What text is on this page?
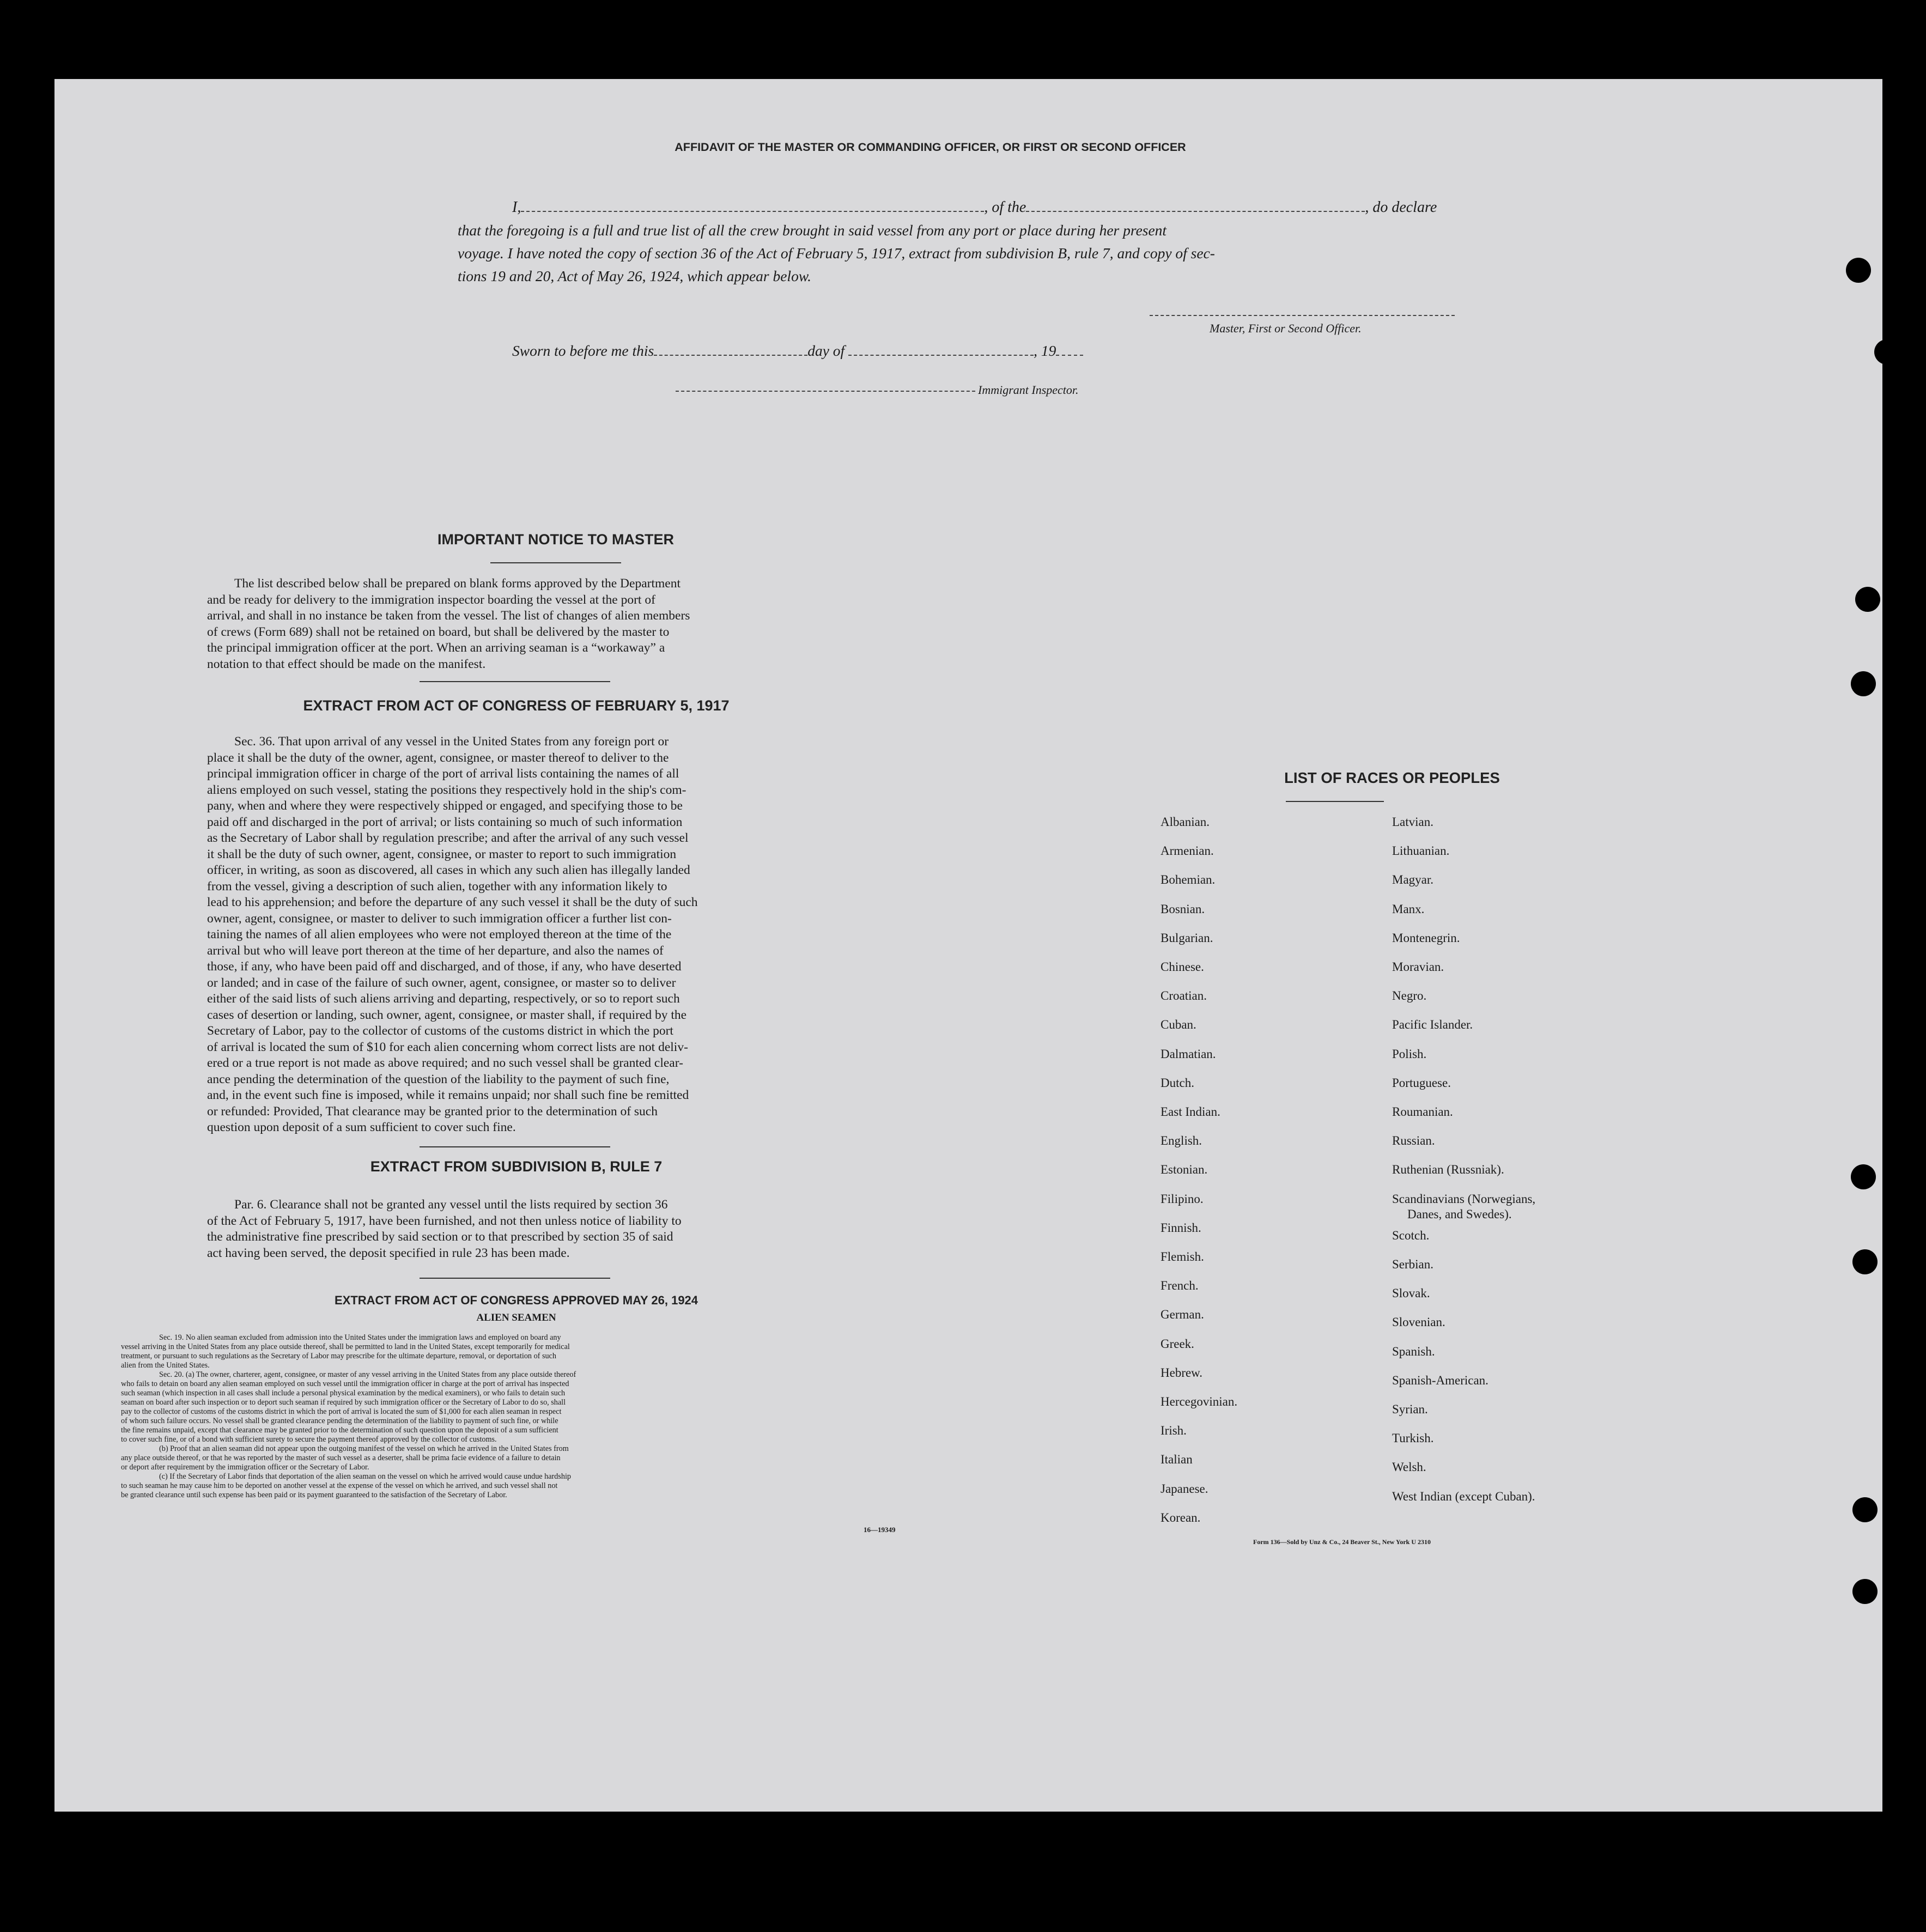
AFFIDAVIT OF THE MASTER OR COMMANDING OFFICER, OR FIRST OR SECOND OFFICER
I,	, of the	, do declare
that the foregoing is a full and true list of all the crew brought in said vessel from any port or place during her present
voyage. I have noted the copy of section 36 of the Act of February 5, 1917, extract from subdivision B, rule 7, and copy of sec-
tions 19 and 20, Act of May 26, 1924, which appear below.
Master, First or Second Officer.
Sworn to before me this	day of	, 19
Immigrant Inspector.
IMPORTANT NOTICE TO MASTER
The list described below shall be prepared on blank forms approved by the Department
and be ready for delivery to the immigration inspector boarding the vessel at the port of
arrival, and shall in no instance be taken from the vessel. The list of changes of alien members
of crews (Form 689) shall not be retained on board, but shall be delivered by the master to
the principal immigration officer at the port. When an arriving seaman is a “workaway” a
notation to that effect should be made on the manifest.
EXTRACT FROM ACT OF CONGRESS OF FEBRUARY 5, 1917
Sec. 36. That upon arrival of any vessel in the United States from any foreign port or
place it shall be the duty of the owner, agent, consignee, or master thereof to deliver to the
principal immigration officer in charge of the port of arrival lists containing the names of all
aliens employed on such vessel, stating the positions they respectively hold in the ship's com-
pany, when and where they were respectively shipped or engaged, and specifying those to be
paid off and discharged in the port of arrival; or lists containing so much of such information
as the Secretary of Labor shall by regulation prescribe; and after the arrival of any such vessel
it shall be the duty of such owner, agent, consignee, or master to report to such immigration
officer, in writing, as soon as discovered, all cases in which any such alien has illegally landed
from the vessel, giving a description of such alien, together with any information likely to
lead to his apprehension; and before the departure of any such vessel it shall be the duty of such
owner, agent, consignee, or master to deliver to such immigration officer a further list con-
taining the names of all alien employees who were not employed thereon at the time of the
arrival but who will leave port thereon at the time of her departure, and also the names of
those, if any, who have been paid off and discharged, and of those, if any, who have deserted
or landed; and in case of the failure of such owner, agent, consignee, or master so to deliver
either of the said lists of such aliens arriving and departing, respectively, or so to report such
cases of desertion or landing, such owner, agent, consignee, or master shall, if required by the
Secretary of Labor, pay to the collector of customs of the customs district in which the port
of arrival is located the sum of $10 for each alien concerning whom correct lists are not deliv-
ered or a true report is not made as above required; and no such vessel shall be granted clear-
ance pending the determination of the question of the liability to the payment of such fine,
and, in the event such fine is imposed, while it remains unpaid; nor shall such fine be remitted
or refunded: Provided, That clearance may be granted prior to the determination of such
question upon deposit of a sum sufficient to cover such fine.
EXTRACT FROM SUBDIVISION B, RULE 7
Par. 6. Clearance shall not be granted any vessel until the lists required by section 36
of the Act of February 5, 1917, have been furnished, and not then unless notice of liability to
the administrative fine prescribed by said section or to that prescribed by section 35 of said
act having been served, the deposit specified in rule 23 has been made.
EXTRACT FROM ACT OF CONGRESS APPROVED MAY 26, 1924
ALIEN SEAMEN
Sec. 19. No alien seaman excluded from admission into the United States under the immigration laws and employed on board any
vessel arriving in the United States from any place outside thereof, shall be permitted to land in the United States, except temporarily for medical
treatment, or pursuant to such regulations as the Secretary of Labor may prescribe for the ultimate departure, removal, or deportation of such
alien from the United States.
Sec. 20. (a) The owner, charterer, agent, consignee, or master of any vessel arriving in the United States from any place outside thereof
who fails to detain on board any alien seaman employed on such vessel until the immigration officer in charge at the port of arrival has inspected
such seaman (which inspection in all cases shall include a personal physical examination by the medical examiners), or who fails to detain such
seaman on board after such inspection or to deport such seaman if required by such immigration officer or the Secretary of Labor to do so, shall
pay to the collector of customs of the customs district in which the port of arrival is located the sum of $1,000 for each alien seaman in respect
of whom such failure occurs. No vessel shall be granted clearance pending the determination of the liability to payment of such fine, or while
the fine remains unpaid, except that clearance may be granted prior to the determination of such question upon the deposit of a sum sufficient
to cover such fine, or of a bond with sufficient surety to secure the payment thereof approved by the collector of customs.
(b) Proof that an alien seaman did not appear upon the outgoing manifest of the vessel on which he arrived in the United States from
any place outside thereof, or that he was reported by the master of such vessel as a deserter, shall be prima facie evidence of a failure to detain
or deport after requirement by the immigration officer or the Secretary of Labor.
(c) If the Secretary of Labor finds that deportation of the alien seaman on the vessel on which he arrived would cause undue hardship
to such seaman he may cause him to be deported on another vessel at the expense of the vessel on which he arrived, and such vessel shall not
be granted clearance until such expense has been paid or its payment guaranteed to the satisfaction of the Secretary of Labor.
16—19349
LIST OF RACES OR PEOPLES
Albanian.
Armenian.
Bohemian.
Bosnian.
Bulgarian.
Chinese.
Croatian.
Cuban.
Dalmatian.
Dutch.
East Indian.
English.
Estonian.
Filipino.
Finnish.
Flemish.
French.
German.
Greek.
Hebrew.
Hercegovinian.
Irish.
Italian
Japanese.
Korean.
Latvian.
Lithuanian.
Magyar.
Manx.
Montenegrin.
Moravian.
Negro.
Pacific Islander.
Polish.
Portuguese.
Roumanian.
Russian.
Ruthenian (Russniak).
Scandinavians (Norwegians,
Danes, and Swedes).
Scotch.
Serbian.
Slovak.
Slovenian.
Spanish.
Spanish-American.
Syrian.
Turkish.
Welsh.
West Indian (except Cuban).
Form 136—Sold by Unz & Co., 24 Beaver St., New York U 2310
